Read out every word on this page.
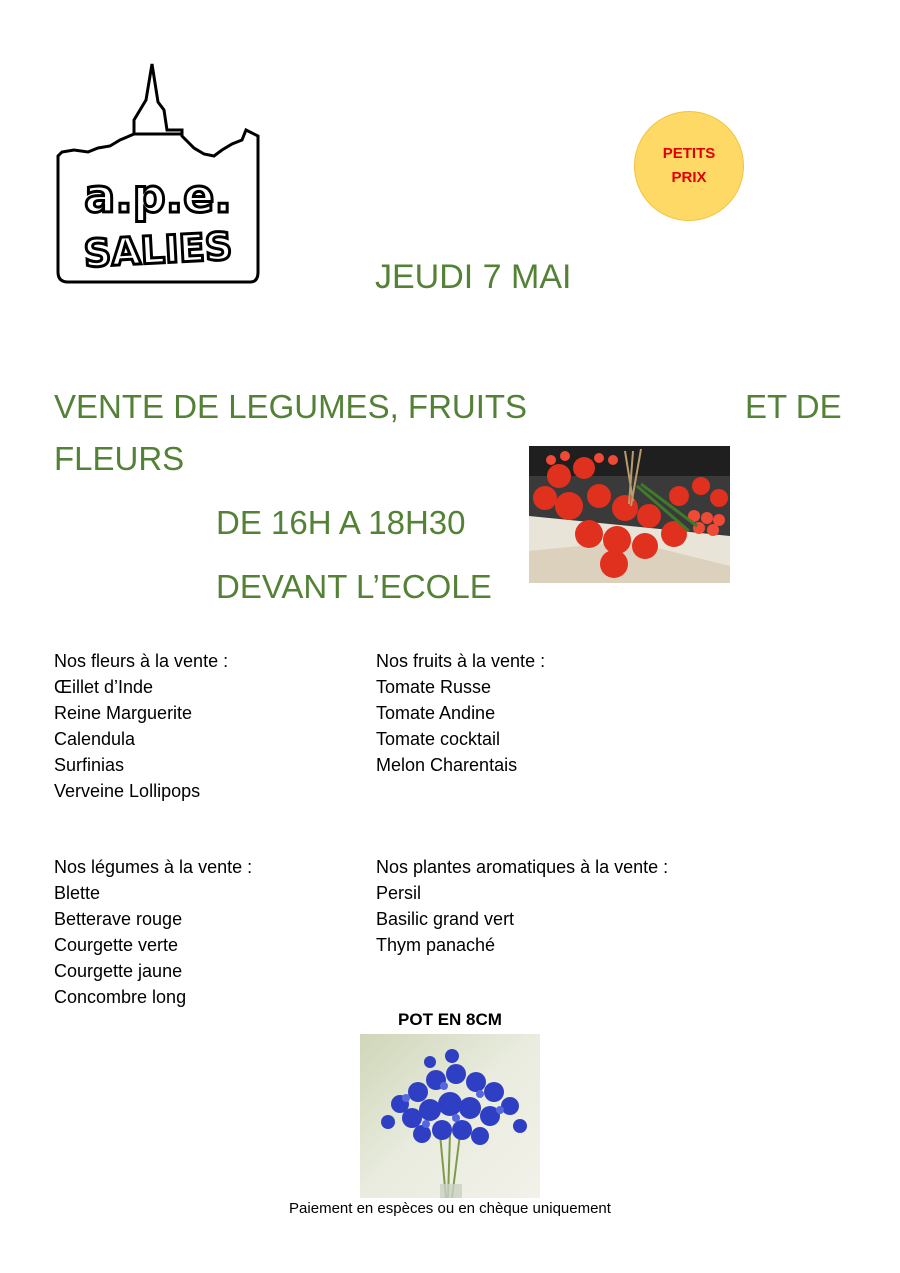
a.p.e.
SALIES
PETITS
PRIX
JEUDI 7 MAI
VENTE DE LEGUMES, FRUITS	ET DE
FLEURS
DE 16H A 18H30
DEVANT L’ECOLE
Nos fleurs à la vente :
Œillet d’Inde
Reine Marguerite
Calendula
Surfinias
Verveine Lollipops
Nos fruits à la vente :
Tomate Russe
Tomate Andine
Tomate cocktail
Melon Charentais
Nos légumes à la vente :
Blette
Betterave rouge
Courgette verte
Courgette jaune
Concombre long
Nos plantes aromatiques à la vente :
Persil
Basilic grand vert
Thym panaché
POT EN 8CM
Paiement en espèces ou en chèque uniquement
